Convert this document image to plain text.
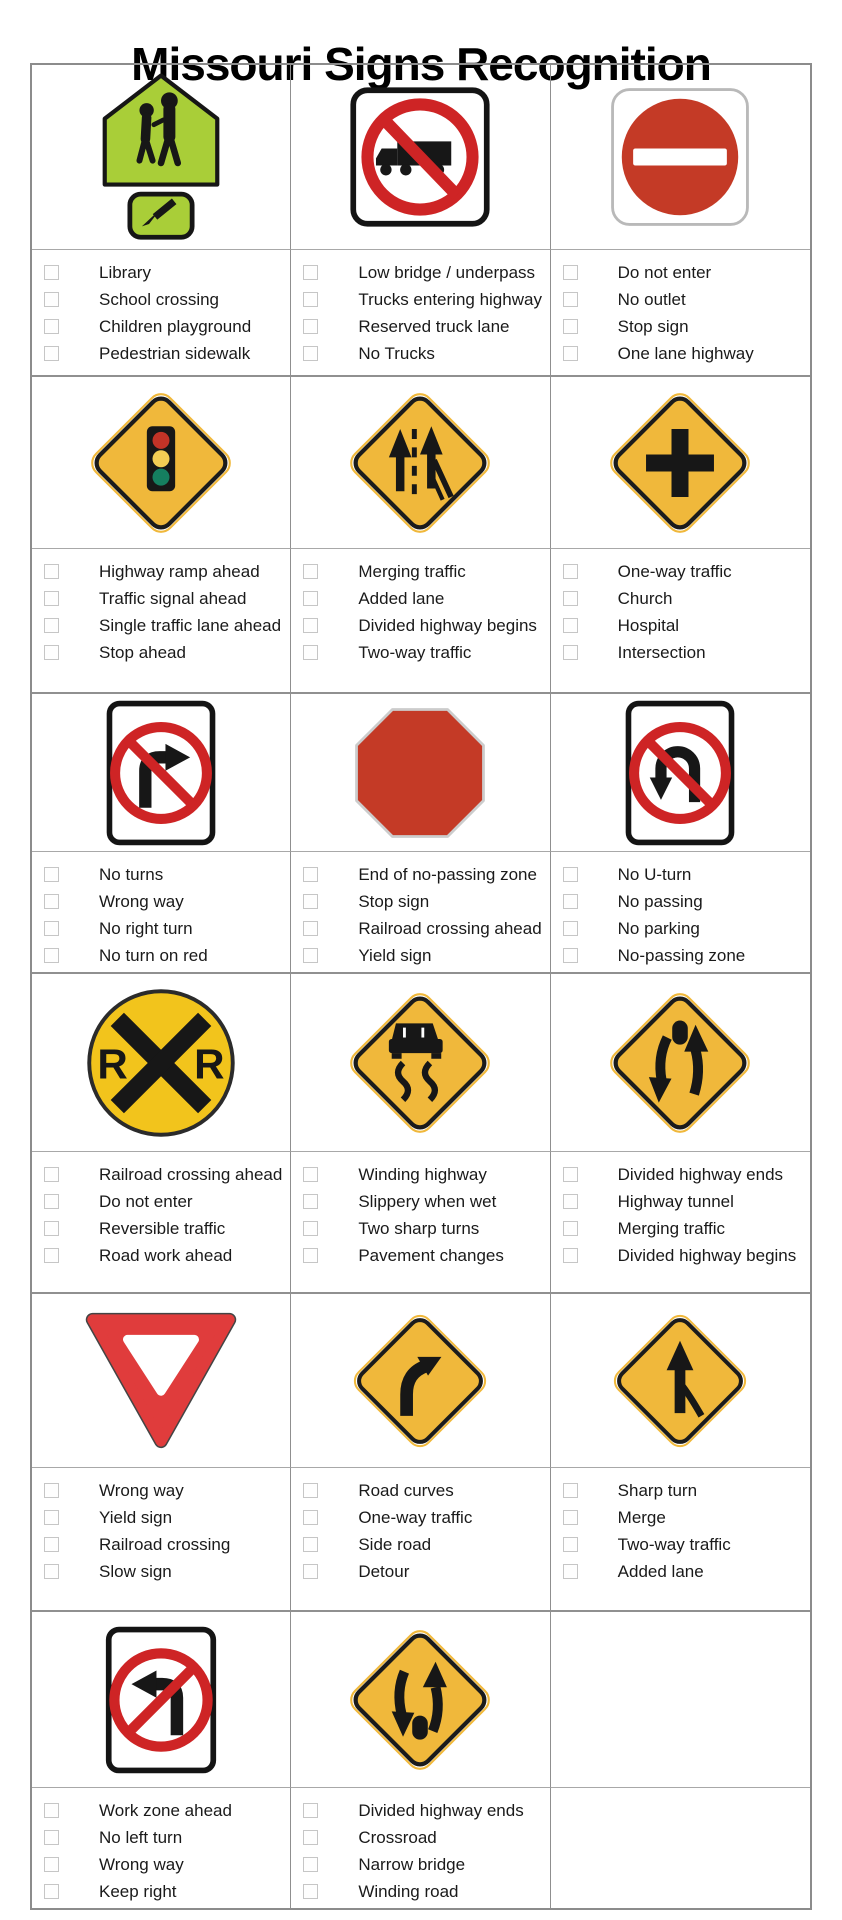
Missouri Signs Recognition
Library
School crossing
Children playground
Pedestrian sidewalk
Low bridge / underpass
Trucks entering highway
Reserved truck lane
No Trucks
Do not enter
No outlet
Stop sign
One lane highway
Highway ramp ahead
Traffic signal ahead
Single traffic lane ahead
Stop ahead
Merging traffic
Added lane
Divided highway begins
Two-way traffic
One-way traffic
Church
Hospital
Intersection
No turns
Wrong way
No right turn
No turn on red
End of no-passing zone
Stop sign
Railroad crossing ahead
Yield sign
No U-turn
No passing
No parking
No-passing zone
R R
Railroad crossing ahead
Do not enter
Reversible traffic
Road work ahead
Winding highway
Slippery when wet
Two sharp turns
Pavement changes
Divided highway ends
Highway tunnel
Merging traffic
Divided highway begins
Wrong way
Yield sign
Railroad crossing
Slow sign
Road curves
One-way traffic
Side road
Detour
Sharp turn
Merge
Two-way traffic
Added lane
Work zone ahead
No left turn
Wrong way
Keep right
Divided highway ends
Crossroad
Narrow bridge
Winding road
